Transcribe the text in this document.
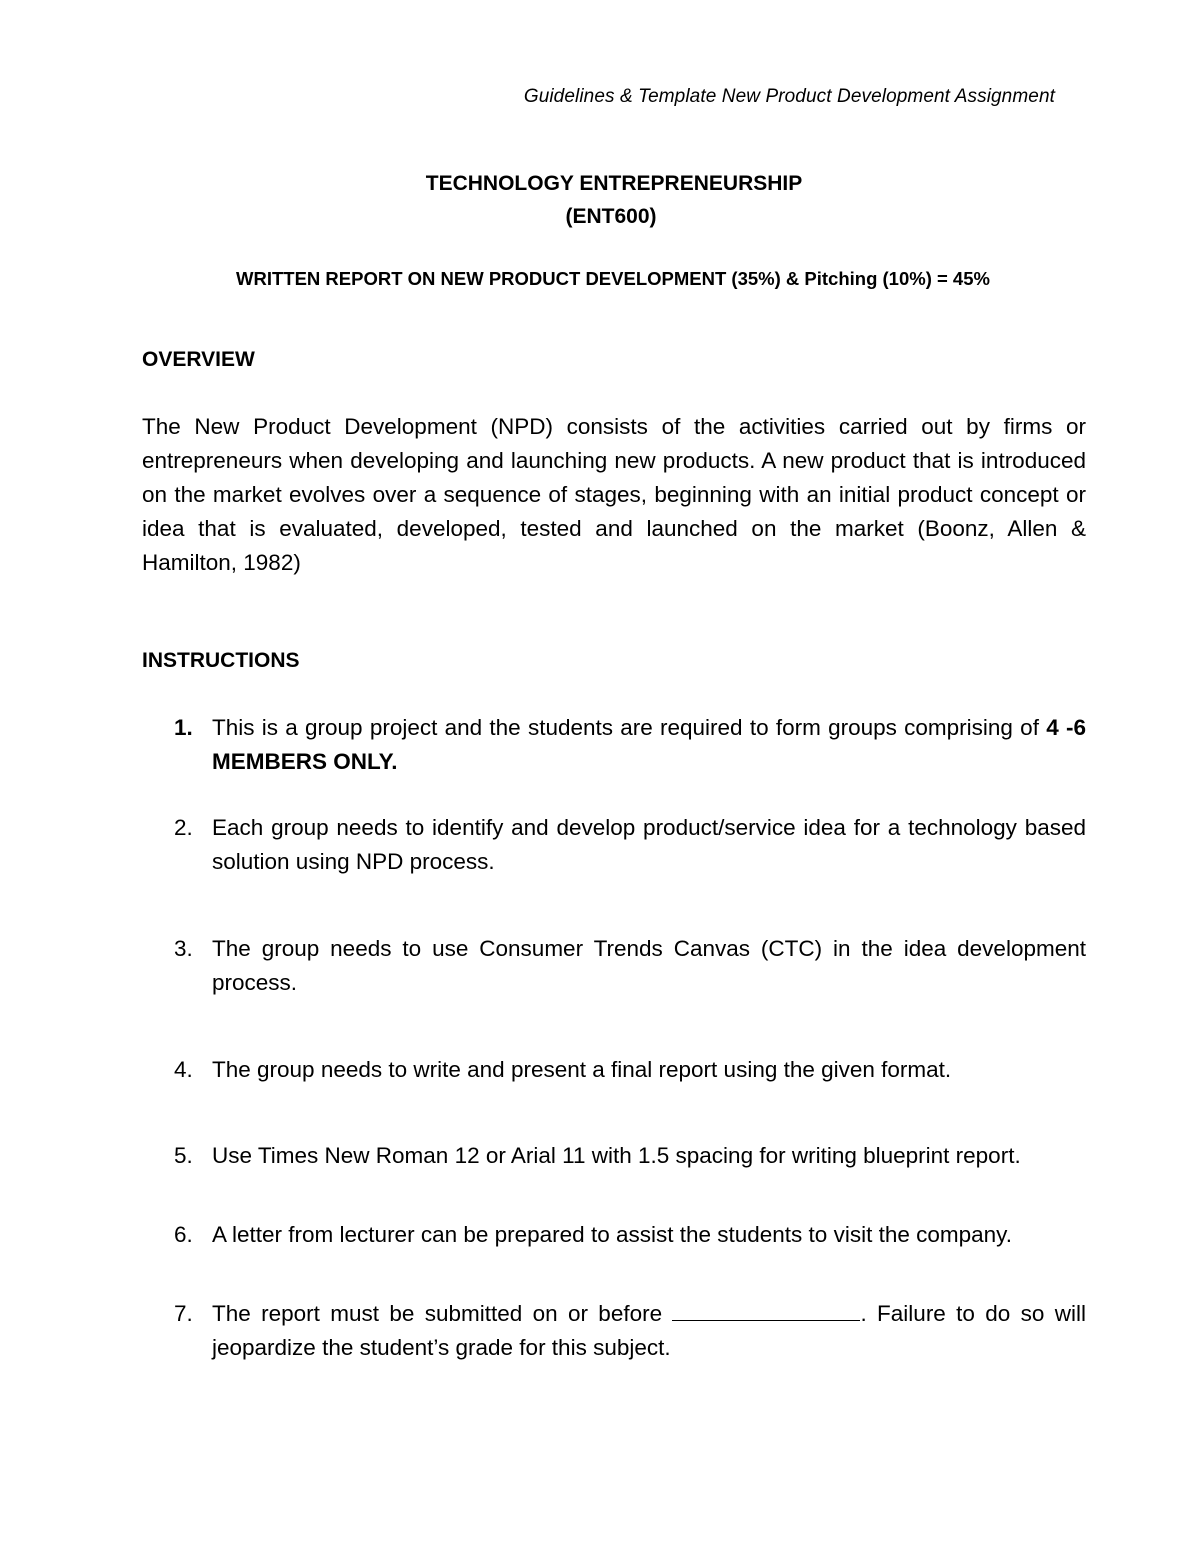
Guidelines & Template New Product Development Assignment
TECHNOLOGY ENTREPRENEURSHIP
(ENT600)
WRITTEN REPORT ON NEW PRODUCT DEVELOPMENT (35%) & Pitching (10%) = 45%
OVERVIEW
The New Product Development (NPD) consists of the activities carried out by firms or entrepreneurs when developing and launching new products. A new product that is introduced on the market evolves over a sequence of stages, beginning with an initial product concept or idea that is evaluated, developed, tested and launched on the market (Boonz, Allen & Hamilton, 1982)
INSTRUCTIONS
1. This is a group project and the students are required to form groups comprising of 4 -6 MEMBERS ONLY.
2. Each group needs to identify and develop product/service idea for a technology based solution using NPD process.
3. The group needs to use Consumer Trends Canvas (CTC) in the idea development process.
4. The group needs to write and present a final report using the given format.
5. Use Times New Roman 12 or Arial 11 with 1.5 spacing for writing blueprint report.
6. A letter from lecturer can be prepared to assist the students to visit the company.
7. The report must be submitted on or before	. Failure to do so will jeopardize the student’s grade for this subject.
